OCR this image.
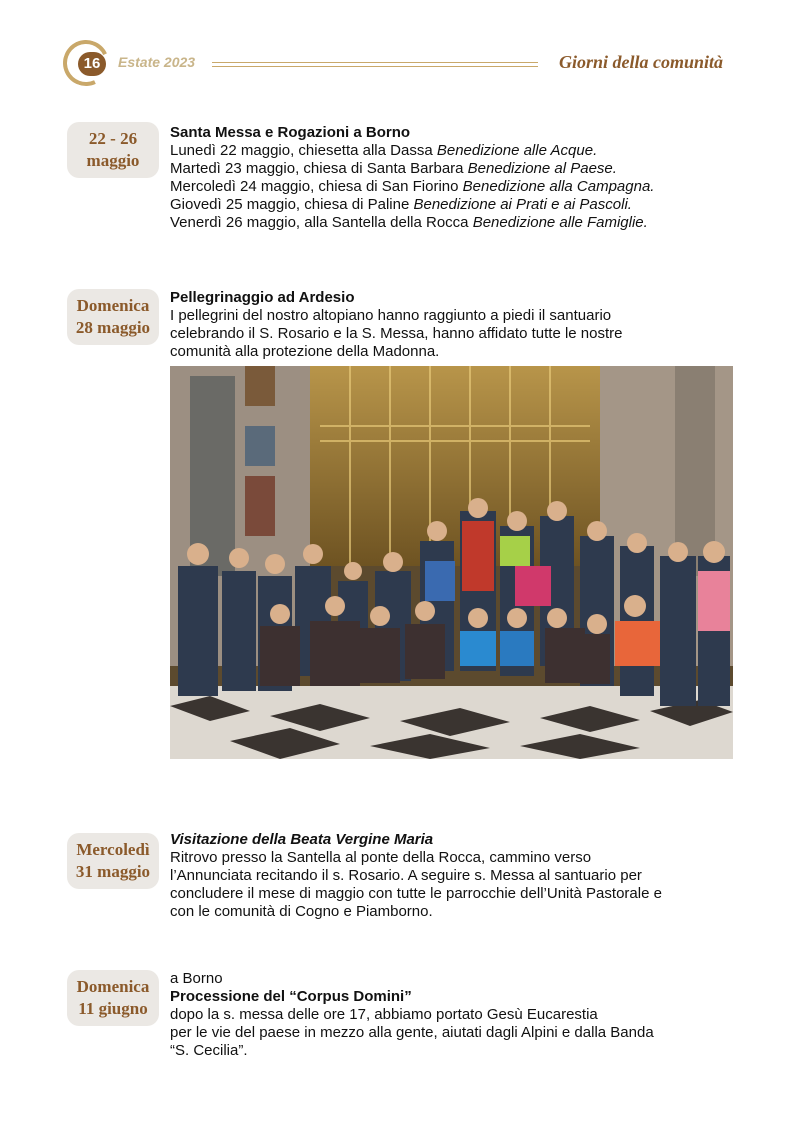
16	Estate 2023	Giorni della comunità
22 - 26
maggio
Santa Messa e Rogazioni a Borno
Lunedì 22 maggio, chiesetta alla Dassa Benedizione alle Acque.
Martedì 23 maggio, chiesa di Santa Barbara Benedizione al Paese.
Mercoledì 24 maggio, chiesa di San Fiorino Benedizione alla Campagna.
Giovedì 25 maggio, chiesa di Paline Benedizione ai Prati e ai Pascoli.
Venerdì 26 maggio, alla Santella della Rocca Benedizione alle Famiglie.
Domenica
28 maggio
Pellegrinaggio ad Ardesio
I pellegrini del nostro altopiano hanno raggiunto a piedi il santuario
celebrando il S. Rosario e la S. Messa, hanno affidato tutte le nostre
comunità alla protezione della Madonna.
Mercoledì
31 maggio
Visitazione della Beata Vergine Maria
Ritrovo presso la Santella al ponte della Rocca, cammino verso
l’Annunciata recitando il s. Rosario. A seguire s. Messa al santuario per
concludere il mese di maggio con tutte le parrocchie dell’Unità Pastorale e
con le comunità di Cogno e Piamborno.
Domenica
11 giugno
a Borno
Processione del “Corpus Domini”
dopo la s. messa delle ore 17, abbiamo portato Gesù Eucarestia
per le vie del paese in mezzo alla gente, aiutati dagli Alpini e dalla Banda
“S. Cecilia”.
